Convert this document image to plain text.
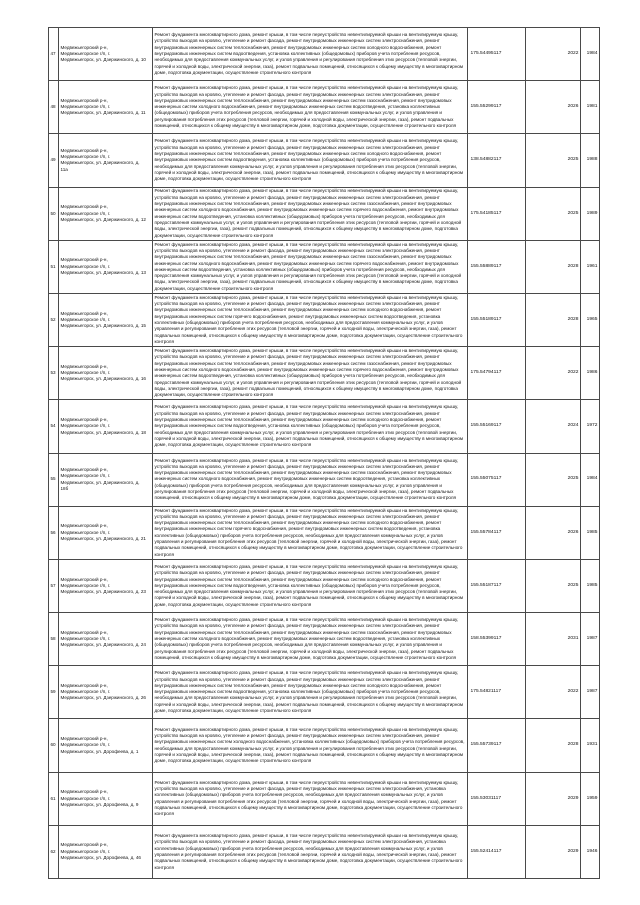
47
Медвежьегорский р-н,
Медвежьегорское г/п, г.
Медвежьегорск, ул. Дзержинского, д. 10
Ремонт фундамента многоквартирного дома, ремонт крыши, в том числе переустройство невентилируемой крыши на вентилируемую крышу, устройство выходов на кровлю, утепление и ремонт фасада, ремонт внутридомовых инженерных систем электроснабжения, ремонт внутридомовых инженерных систем теплоснабжения, ремонт внутридомовых инженерных систем холодного водоснабжения, ремонт внутридомовых инженерных систем водоотведения, установка коллективных (общедомовых) приборов учета потребления ресурсов, необходимых для предоставления коммунальных услуг, и узлов управления и регулирования потребления этих ресурсов (тепловой энергии, горячей и холодной воды, электрической энергии, газа), ремонт подвальных помещений, относящихся к общему имуществу в многоквартирном доме, подготовка документации, осуществление строительного контроля
175.54495117	2022	1984
48
Медвежьегорский р-н,
Медвежьегорское г/п, г.
Медвежьегорск, ул. Дзержинского, д. 11
Ремонт фундамента многоквартирного дома, ремонт крыши, в том числе переустройство невентилируемой крыши на вентилируемую крышу, устройство выходов на кровлю, утепление и ремонт фасада, ремонт внутридомовых инженерных систем электроснабжения, ремонт внутридомовых инженерных систем теплоснабжения, ремонт внутридомовых инженерных систем газоснабжения, ремонт внутридомовых инженерных систем холодного водоснабжения, ремонт внутридомовых инженерных систем водоотведения, установка коллективных (общедомовых) приборов учета потребления ресурсов, необходимых для предоставления коммунальных услуг, и узлов управления и регулирования потребления этих ресурсов (тепловой энергии, горячей и холодной воды, электрической энергии, газа), ремонт подвальных помещений, относящихся к общему имуществу в многоквартирном доме, подготовка документации, осуществление строительного контроля
155.55299117	2026	1981
49
Медвежьегорский р-н,
Медвежьегорское г/п, г.
Медвежьегорск, ул. Дзержинского, д.
11а
Ремонт фундамента многоквартирного дома, ремонт крыши, в том числе переустройство невентилируемой крыши на вентилируемую крышу, устройство выходов на кровлю, утепление и ремонт фасада, ремонт внутридомовых инженерных систем электроснабжения, ремонт внутридомовых инженерных систем теплоснабжения, ремонт внутридомовых инженерных систем холодного водоснабжения, ремонт внутридомовых инженерных систем водоотведения, установка коллективных (общедомовых) приборов учета потребления ресурсов, необходимых для предоставления коммунальных услуг, и узлов управления и регулирования потребления этих ресурсов (тепловой энергии, горячей и холодной воды, электрической энергии, газа), ремонт подвальных помещений, относящихся к общему имуществу в многоквартирном доме, подготовка документации, осуществление строительного контроля
138.54882117	2025	1988
50
Медвежьегорский р-н,
Медвежьегорское г/п, г.
Медвежьегорск, ул. Дзержинского, д. 12
Ремонт фундамента многоквартирного дома, ремонт крыши, в том числе переустройство невентилируемой крыши на вентилируемую крышу, устройство выходов на кровлю, утепление и ремонт фасада, ремонт внутридомовых инженерных систем электроснабжения, ремонт внутридомовых инженерных систем теплоснабжения, ремонт внутридомовых инженерных систем газоснабжения, ремонт внутридомовых инженерных систем холодного водоснабжения, ремонт внутридомовых инженерных систем горячего водоснабжения, ремонт внутридомовых инженерных систем водоотведения, установка коллективных (общедомовых) приборов учета потребления ресурсов, необходимых для предоставления коммунальных услуг, и узлов управления и регулирования потребления этих ресурсов (тепловой энергии, горячей и холодной воды, электрической энергии, газа), ремонт подвальных помещений, относящихся к общему имуществу в многоквартирном доме, подготовка документации, осуществление строительного контроля
175.54185117	2025	1989
51
Медвежьегорский р-н,
Медвежьегорское г/п, г.
Медвежьегорск, ул. Дзержинского, д. 13
Ремонт фундамента многоквартирного дома, ремонт крыши, в том числе переустройство невентилируемой крыши на вентилируемую крышу, устройство выходов на кровлю, утепление и ремонт фасада, ремонт внутридомовых инженерных систем электроснабжения, ремонт внутридомовых инженерных систем теплоснабжения, ремонт внутридомовых инженерных систем газоснабжения, ремонт внутридомовых инженерных систем холодного водоснабжения, ремонт внутридомовых инженерных систем горячего водоснабжения, ремонт внутридомовых инженерных систем водоотведения, установка коллективных (общедомовых) приборов учета потребления ресурсов, необходимых для предоставления коммунальных услуг, и узлов управления и регулирования потребления этих ресурсов (тепловой энергии, горячей и холодной воды, электрической энергии, газа), ремонт подвальных помещений, относящихся к общему имуществу в многоквартирном доме, подготовка документации, осуществление строительного контроля
155.55889117	2028	1961
52
Медвежьегорский р-н,
Медвежьегорское г/п, г.
Медвежьегорск, ул. Дзержинского, д. 15
Ремонт фундамента многоквартирного дома, ремонт крыши, в том числе переустройство невентилируемой крыши на вентилируемую крышу, устройство выходов на кровлю, утепление и ремонт фасада, ремонт внутридомовых инженерных систем электроснабжения, ремонт внутридомовых инженерных систем теплоснабжения, ремонт внутридомовых инженерных систем холодного водоснабжения, ремонт внутридомовых инженерных систем горячего водоснабжения, ремонт внутридомовых инженерных систем водоотведения, установка коллективных (общедомовых) приборов учета потребления ресурсов, необходимых для предоставления коммунальных услуг, и узлов управления и регулирования потребления этих ресурсов (тепловой энергии, горячей и холодной воды, электрической энергии, газа), ремонт подвальных помещений, относящихся к общему имуществу в многоквартирном доме, подготовка документации, осуществление строительного контроля
155.55189117	2028	1965
53
Медвежьегорский р-н,
Медвежьегорское г/п, г.
Медвежьегорск, ул. Дзержинского, д. 16
Ремонт фундамента многоквартирного дома, ремонт крыши, в том числе переустройство невентилируемой крыши на вентилируемую крышу, устройство выходов на кровлю, утепление и ремонт фасада, ремонт внутридомовых инженерных систем электроснабжения, ремонт внутридомовых инженерных систем теплоснабжения, ремонт внутридомовых инженерных систем газоснабжения, ремонт внутридомовых инженерных систем холодного водоснабжения, ремонт внутридомовых инженерных систем горячего водоснабжения, ремонт внутридомовых инженерных систем водоотведения, установка коллективных (общедомовых) приборов учета потребления ресурсов, необходимых для предоставления коммунальных услуг, и узлов управления и регулирования потребления этих ресурсов (тепловой энергии, горячей и холодной воды, электрической энергии, газа), ремонт подвальных помещений, относящихся к общему имуществу в многоквартирном доме, подготовка документации, осуществление строительного контроля
175.54794117	2022	1986
54
Медвежьегорский р-н,
Медвежьегорское г/п, г.
Медвежьегорск, ул. Дзержинского, д. 18
Ремонт фундамента многоквартирного дома, ремонт крыши, в том числе переустройство невентилируемой крыши на вентилируемую крышу, устройство выходов на кровлю, утепление и ремонт фасада, ремонт внутридомовых инженерных систем электроснабжения, ремонт внутридомовых инженерных систем теплоснабжения, ремонт внутридомовых инженерных систем холодного водоснабжения, ремонт внутридомовых инженерных систем водоотведения, установка коллективных (общедомовых) приборов учета потребления ресурсов, необходимых для предоставления коммунальных услуг, и узлов управления и регулирования потребления этих ресурсов (тепловой энергии, горячей и холодной воды, электрической энергии, газа), ремонт подвальных помещений, относящихся к общему имуществу в многоквартирном доме, подготовка документации, осуществление строительного контроля
155.55169117	2024	1972
55
Медвежьегорский р-н,
Медвежьегорское г/п, г.
Медвежьегорск, ул. Дзержинского, д.
18б
Ремонт фундамента многоквартирного дома, ремонт крыши, в том числе переустройство невентилируемой крыши на вентилируемую крышу, устройство выходов на кровлю, утепление и ремонт фасада, ремонт внутридомовых инженерных систем электроснабжения, ремонт внутридомовых инженерных систем теплоснабжения, ремонт внутридомовых инженерных систем газоснабжения, ремонт внутридомовых инженерных систем холодного водоснабжения, ремонт внутридомовых инженерных систем водоотведения, установка коллективных (общедомовых) приборов учета потребления ресурсов, необходимых для предоставления коммунальных услуг, и узлов управления и регулирования потребления этих ресурсов (тепловой энергии, горячей и холодной воды, электрической энергии, газа), ремонт подвальных помещений, относящихся к общему имуществу в многоквартирном доме, подготовка документации, осуществление строительного контроля
155.55075117	2025	1984
56
Медвежьегорский р-н,
Медвежьегорское г/п, г.
Медвежьегорск, ул. Дзержинского, д. 21
Ремонт фундамента многоквартирного дома, ремонт крыши, в том числе переустройство невентилируемой крыши на вентилируемую крышу, устройство выходов на кровлю, утепление и ремонт фасада, ремонт внутридомовых инженерных систем электроснабжения, ремонт внутридомовых инженерных систем теплоснабжения, ремонт внутридомовых инженерных систем холодного водоснабжения, ремонт внутридомовых инженерных систем горячего водоснабжения, ремонт внутридомовых инженерных систем водоотведения, установка коллективных (общедомовых) приборов учета потребления ресурсов, необходимых для предоставления коммунальных услуг, и узлов управления и регулирования потребления этих ресурсов (тепловой энергии, горячей и холодной воды, электрической энергии, газа), ремонт подвальных помещений, относящихся к общему имуществу в многоквартирном доме, подготовка документации, осуществление строительного контроля
155.55784117	2026	1985
57
Медвежьегорский р-н,
Медвежьегорское г/п, г.
Медвежьегорск, ул. Дзержинского, д. 23
Ремонт фундамента многоквартирного дома, ремонт крыши, в том числе переустройство невентилируемой крыши на вентилируемую крышу, устройство выходов на кровлю, утепление и ремонт фасада, ремонт внутридомовых инженерных систем электроснабжения, ремонт внутридомовых инженерных систем теплоснабжения, ремонт внутридомовых инженерных систем холодного водоснабжения, ремонт внутридомовых инженерных систем водоотведения, установка коллективных (общедомовых) приборов учета потребления ресурсов, необходимых для предоставления коммунальных услуг, и узлов управления и регулирования потребления этих ресурсов (тепловой энергии, горячей и холодной воды, электрической энергии, газа), ремонт подвальных помещений, относящихся к общему имуществу в многоквартирном доме, подготовка документации, осуществление строительного контроля
155.55187117	2025	1985
58
Медвежьегорский р-н,
Медвежьегорское г/п, г.
Медвежьегорск, ул. Дзержинского, д. 24
Ремонт фундамента многоквартирного дома, ремонт крыши, в том числе переустройство невентилируемой крыши на вентилируемую крышу, устройство выходов на кровлю, утепление и ремонт фасада, ремонт внутридомовых инженерных систем электроснабжения, ремонт внутридомовых инженерных систем теплоснабжения, ремонт внутридомовых инженерных систем газоснабжения, ремонт внутридомовых инженерных систем холодного водоснабжения, ремонт внутридомовых инженерных систем водоотведения, установка коллективных (общедомовых) приборов учета потребления ресурсов, необходимых для предоставления коммунальных услуг, и узлов управления и регулирования потребления этих ресурсов (тепловой энергии, горячей и холодной воды, электрической энергии, газа), ремонт подвальных помещений, относящихся к общему имуществу в многоквартирном доме, подготовка документации, осуществление строительного контроля
158.55399117	2031	1987
59
Медвежьегорский р-н,
Медвежьегорское г/п, г.
Медвежьегорск, ул. Дзержинского, д. 26
Ремонт фундамента многоквартирного дома, ремонт крыши, в том числе переустройство невентилируемой крыши на вентилируемую крышу, устройство выходов на кровлю, утепление и ремонт фасада, ремонт внутридомовых инженерных систем электроснабжения, ремонт внутридомовых инженерных систем теплоснабжения, ремонт внутридомовых инженерных систем холодного водоснабжения, ремонт внутридомовых инженерных систем водоотведения, установка коллективных (общедомовых) приборов учета потребления ресурсов, необходимых для предоставления коммунальных услуг, и узлов управления и регулирования потребления этих ресурсов (тепловой энергии, горячей и холодной воды, электрической энергии, газа), ремонт подвальных помещений, относящихся к общему имуществу в многоквартирном доме, подготовка документации, осуществление строительного контроля
175.54821117	2022	1987
60
Медвежьегорский р-н,
Медвежьегорское г/п, г.
Медвежьегорск, ул. Дорофеева, д. 1
Ремонт фундамента многоквартирного дома, ремонт крыши, в том числе переустройство невентилируемой крыши на вентилируемую крышу, устройство выходов на кровлю, утепление и ремонт фасада, ремонт внутридомовых инженерных систем электроснабжения, ремонт внутридомовых инженерных систем холодного водоснабжения, установка коллективных (общедомовых) приборов учета потребления ресурсов, необходимых для предоставления коммунальных услуг, и узлов управления и регулирования потребления этих ресурсов (тепловой энергии, горячей и холодной воды, электрической энергии, газа), ремонт подвальных помещений, относящихся к общему имуществу в многоквартирном доме, подготовка документации, осуществление строительного контроля
155.55739117	2028	1931
61
Медвежьегорский р-н,
Медвежьегорское г/п, г.
Медвежьегорск, ул. Дорофеева, д. 9
Ремонт фундамента многоквартирного дома, ремонт крыши, в том числе переустройство невентилируемой крыши на вентилируемую крышу, устройство выходов на кровлю, утепление и ремонт фасада, ремонт внутридомовых инженерных систем электроснабжения, установка коллективных (общедомовых) приборов учета потребления ресурсов, необходимых для предоставления коммунальных услуг, и узлов управления и регулирования потребления этих ресурсов (тепловой энергии, горячей и холодной воды, электрической энергии, газа), ремонт подвальных помещений, относящихся к общему имуществу в многоквартирном доме, подготовка документации, осуществление строительного контроля
155.53031117	2029	1959
62
Медвежьегорский р-н,
Медвежьегорское г/п, г.
Медвежьегорск, ул. Дорофеева, д. 46
Ремонт фундамента многоквартирного дома, ремонт крыши, в том числе переустройство невентилируемой крыши на вентилируемую крышу, устройство выходов на кровлю, утепление и ремонт фасада, ремонт внутридомовых инженерных систем электроснабжения, установка коллективных (общедомовых) приборов учета потребления ресурсов, необходимых для предоставления коммунальных услуг, и узлов управления и регулирования потребления этих ресурсов (тепловой энергии, горячей и холодной воды, электрической энергии, газа), ремонт подвальных помещений, относящихся к общему имуществу в многоквартирном доме, подготовка документации, осуществление строительного контроля
155.52414117	2029	1946
